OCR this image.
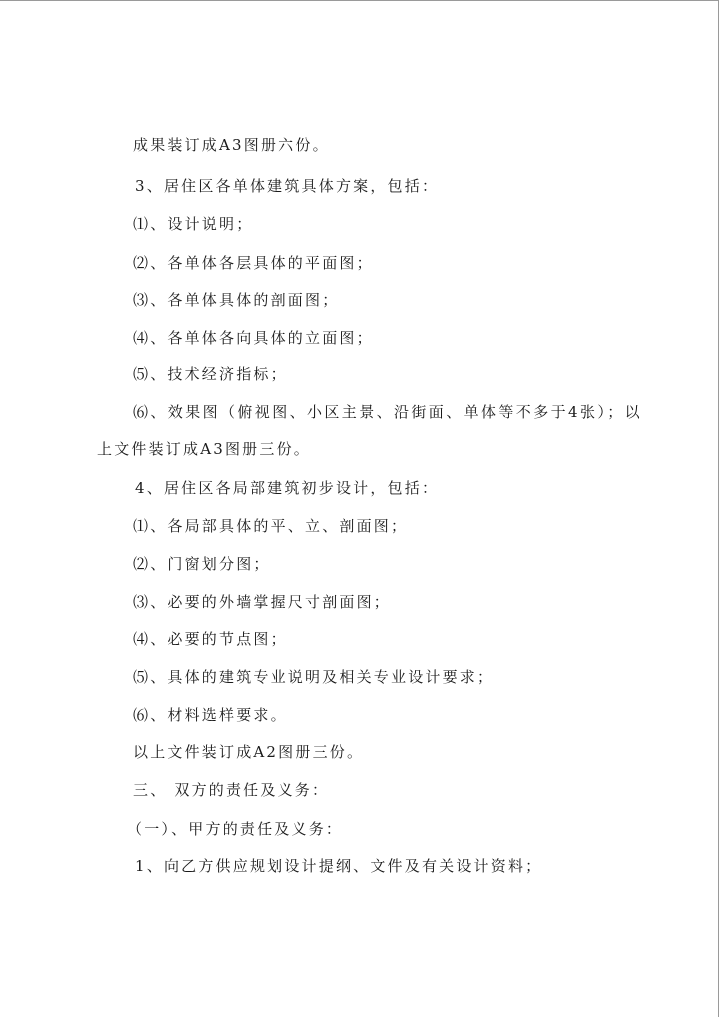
成果装订成A3图册六份。
3、居住区各单体建筑具体方案，包括：
⑴、设计说明；
⑵、各单体各层具体的平面图；
⑶、各单体具体的剖面图；
⑷、各单体各向具体的立面图；
⑸、技术经济指标；
⑹、效果图（俯视图、小区主景、沿街面、单体等不多于4张）；以
上文件装订成A3图册三份。
4、居住区各局部建筑初步设计，包括：
⑴、各局部具体的平、立、剖面图；
⑵、门窗划分图；
⑶、必要的外墙掌握尺寸剖面图；
⑷、必要的节点图；
⑸、具体的建筑专业说明及相关专业设计要求；
⑹、材料选样要求。
以上文件装订成A2图册三份。
三、 双方的责任及义务：
（一）、甲方的责任及义务：
1、向乙方供应规划设计提纲、文件及有关设计资料；
